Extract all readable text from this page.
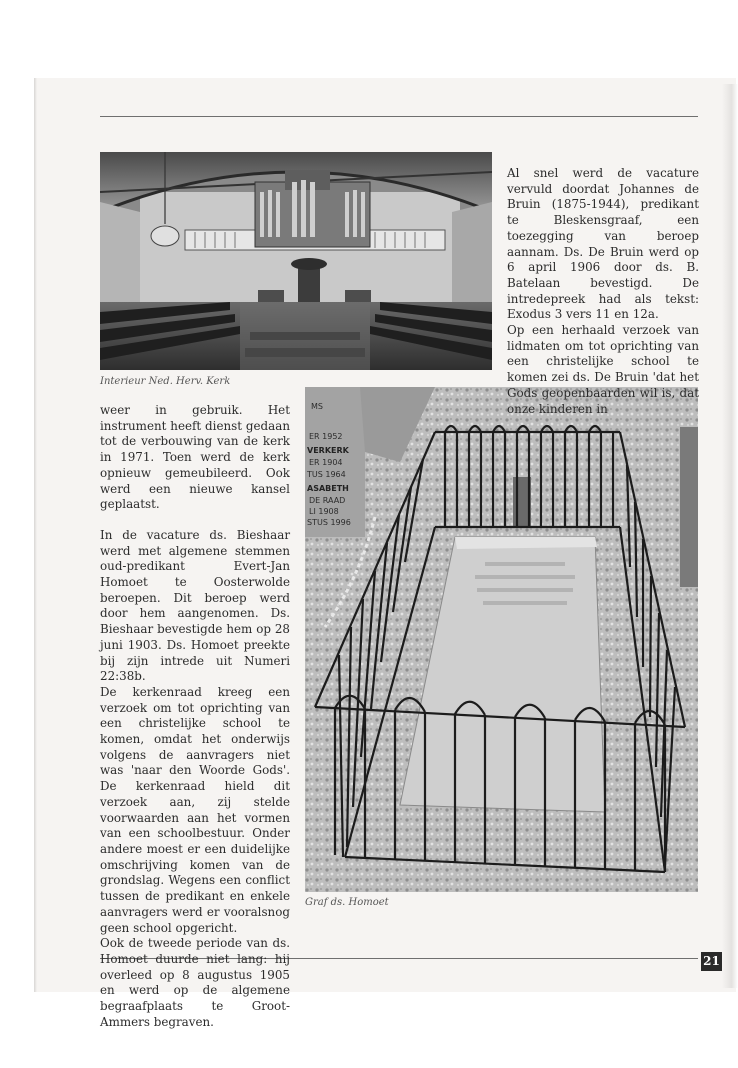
Interieur Ned. Herv. Kerk
MS
ER 1952
VERKERK
ER 1904
TUS 1964
ASABETH
DE RAAD
LI 1908
STUS 1996
Graf ds. Homoet

Al snel werd de vacature vervuld doordat Johannes de Bruin (1875-1944), predikant te Bleskensgraaf, een toezegging van beroep aannam. Ds. De Bruin werd op 6 april 1906 door ds. B. Batelaan bevestigd. De intredepreek had als tekst: Exodus 3 vers 11 en 12a.

Op een herhaald verzoek van lidmaten om tot oprichting van een christelijke school te komen zei ds. De Bruin 'dat het Gods geopenbaarden wil is, dat onze kinderen in

weer in gebruik. Het instrument heeft dienst gedaan tot de verbouwing van de kerk in 1971. Toen werd de kerk opnieuw gemeubileerd. Ook werd een nieuwe kansel geplaatst.

In de vacature ds. Bieshaar werd met algemene stemmen oud-predikant Evert-Jan Homoet te Oosterwolde beroepen. Dit beroep werd door hem aangenomen. Ds. Bieshaar bevestigde hem op 28 juni 1903. Ds. Homoet preekte bij zijn intrede uit Numeri 22:38b.

De kerkenraad kreeg een verzoek om tot oprichting van een christelijke school te komen, omdat het onderwijs volgens de aanvragers niet was 'naar den Woorde Gods'. De kerkenraad hield dit verzoek aan, zij stelde voorwaarden aan het vormen van een schoolbestuur. Onder andere moest er een duidelijke omschrijving komen van de grondslag. Wegens een conflict tussen de predikant en enkele aanvragers werd er vooralsnog geen school opgericht.

Ook de tweede periode van ds. Homoet duurde niet lang: hij overleed op 8 augustus 1905 en werd op de algemene begraafplaats te Groot-Ammers begraven.

21
